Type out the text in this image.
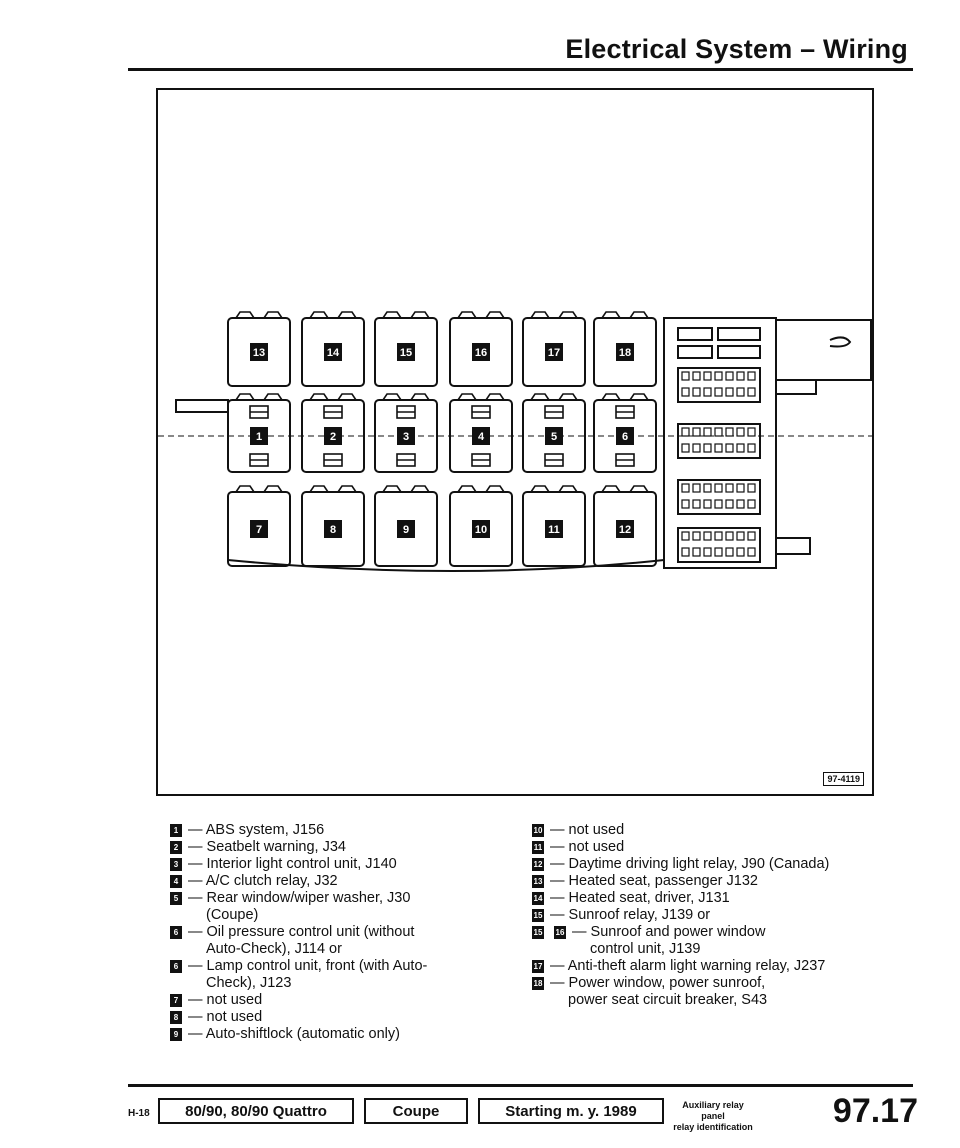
Electrical System – Wiring
13	14	15	16	17	18
1	2	3	4	5	6
7	8	9	10	11	12
97-4119
1 — ABS system, J156
2 — Seatbelt warning, J34
3 — Interior light control unit, J140
4 — A/C clutch relay, J32
5 — Rear window/wiper washer, J30
(Coupe)
6 — Oil pressure control unit (without
Auto-Check), J114 or
6 — Lamp control unit, front (with Auto-
Check), J123
7 — not used
8 — not used
9 — Auto-shiftlock (automatic only)
10 — not used
11 — not used
12 — Daytime driving light relay, J90 (Canada)
13 — Heated seat, passenger J132
14 — Heated seat, driver, J131
15 — Sunroof relay, J139 or
15 16 — Sunroof and power window
control unit, J139
17 — Anti-theft alarm light warning relay, J237
18 — Power window, power sunroof,
power seat circuit breaker, S43
H-18	80/90, 80/90 Quattro	Coupe	Starting m. y. 1989	Auxiliary relay panel
relay identification 97.17
